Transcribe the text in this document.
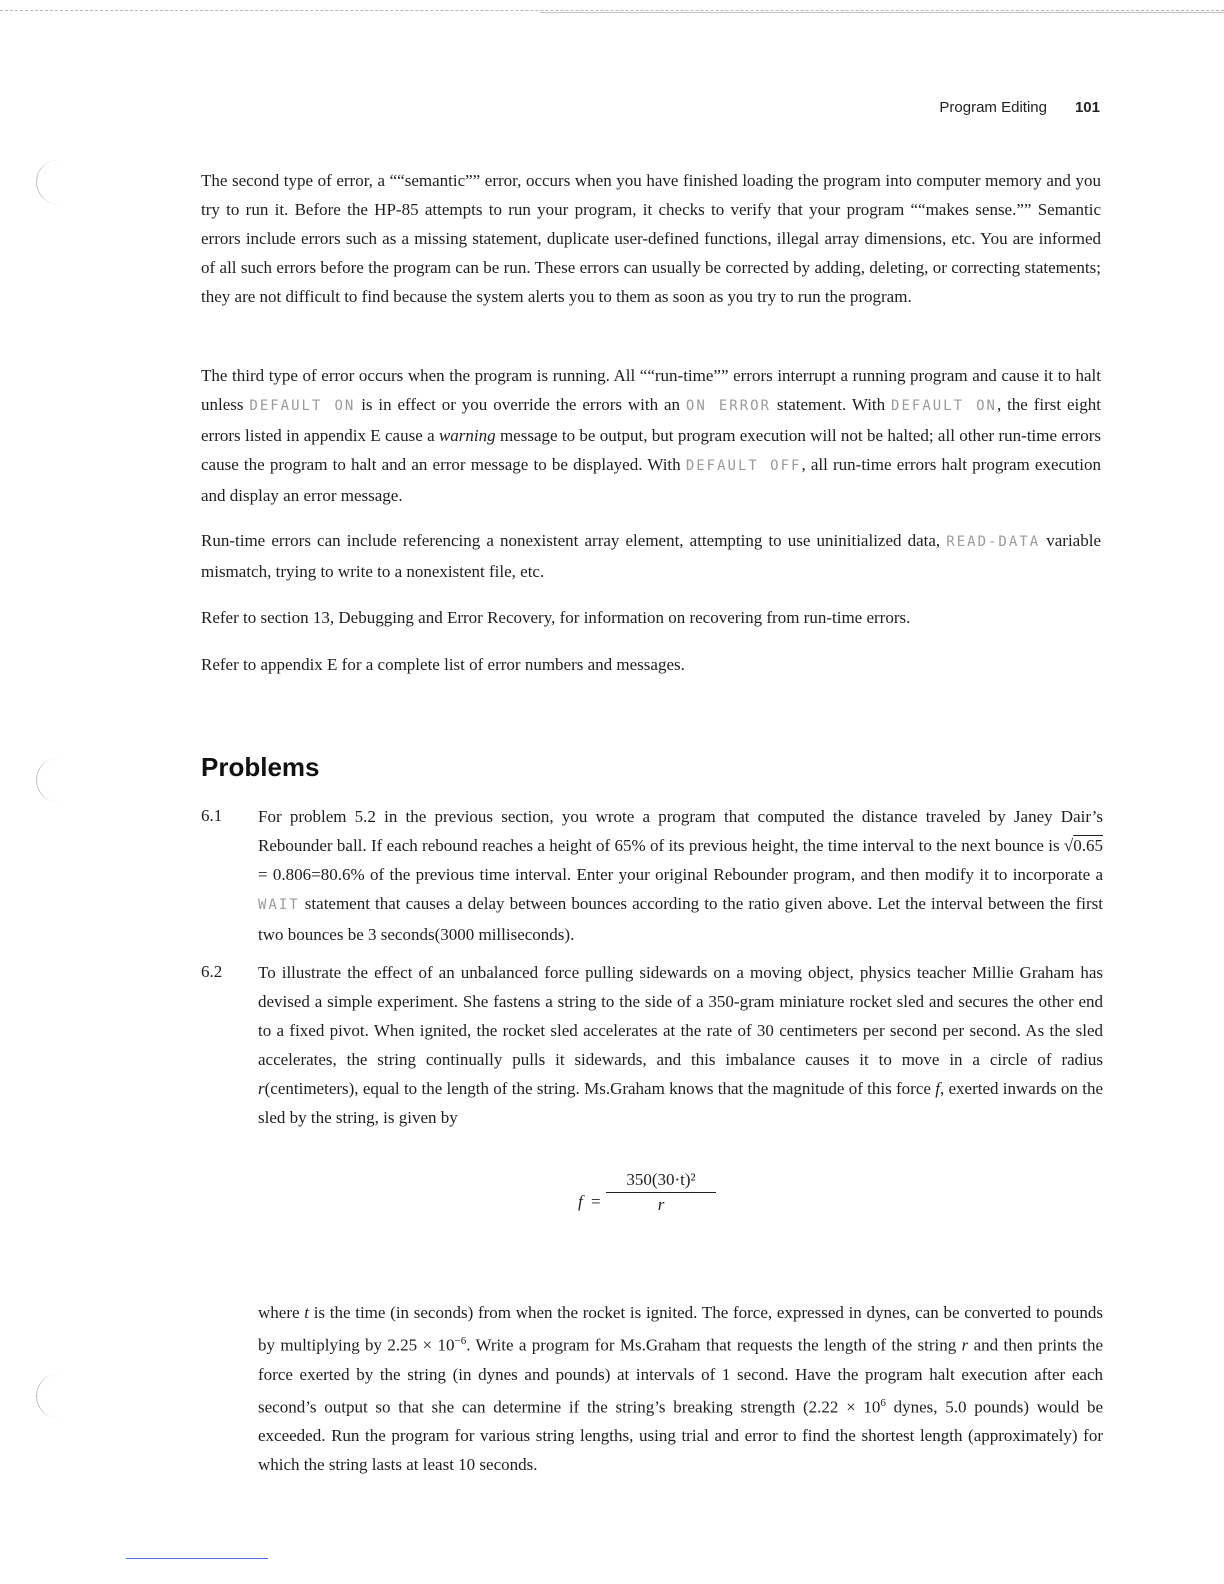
Program Editing 101

The second type of error, a ““semantic”” error, occurs when you have finished loading the program into computer memory and you try to run it. Before the HP-85 attempts to run your program, it checks to verify that your program ““makes sense.”” Semantic errors include errors such as a missing statement, duplicate user-defined functions, illegal array dimensions, etc. You are informed of all such errors before the program can be run. These errors can usually be corrected by adding, deleting, or correcting statements; they are not difficult to find because the system alerts you to them as soon as you try to run the program.

The third type of error occurs when the program is running. All ““run-time”” errors interrupt a running program and cause it to halt unless DEFAULT ON is in effect or you override the errors with an ON ERROR statement. With DEFAULT ON, the first eight errors listed in appendix E cause a warning message to be output, but program execution will not be halted; all other run-time errors cause the program to halt and an error message to be displayed. With DEFAULT OFF, all run-time errors halt program execution and display an error message.

Run-time errors can include referencing a nonexistent array element, attempting to use uninitialized data, READ-DATA variable mismatch, trying to write to a nonexistent file, etc.

Refer to section 13, Debugging and Error Recovery, for information on recovering from run-time errors.

Refer to appendix E for a complete list of error numbers and messages.

Problems
6.1 For problem 5.2 in the previous section, you wrote a program that computed the distance traveled by Janey Dair’s Rebounder ball. If each rebound reaches a height of 65% of its previous height, the time interval to the next bounce is √0.65 = 0.806=80.6% of the previous time interval. Enter your original Rebounder program, and then modify it to incorporate a WAIT statement that causes a delay between bounces according to the ratio given above. Let the interval between the first two bounces be 3 seconds(3000 milliseconds).

6.2 To illustrate the effect of an unbalanced force pulling sidewards on a moving object, physics teacher Millie Graham has devised a simple experiment. She fastens a string to the side of a 350-gram miniature rocket sled and secures the other end to a fixed pivot. When ignited, the rocket sled accelerates at the rate of 30 centimeters per second per second. As the sled accelerates, the string continually pulls it sidewards, and this imbalance causes it to move in a circle of radius r(centimeters), equal to the length of the string. Ms.Graham knows that the magnitude of this force f, exerted inwards on the sled by the string, is given by

$f = \frac{\text{350(30·t)²}}{r}$

where t is the time (in seconds) from when the rocket is ignited. The force, expressed in dynes, can be converted to pounds by multiplying by $2.25 \times 10^{-6}$. Write a program for Ms.Graham that requests the length of the string r and then prints the force exerted by the string (in dynes and pounds) at intervals of 1 second. Have the program halt execution after each second’s output so that she can determine if the string’s breaking strength ($2.22 \times 10^6$ dynes, 5.0 pounds) would be exceeded. Run the program for various string lengths, using trial and error to find the shortest length (approximately) for which the string lasts at least 10 seconds.
